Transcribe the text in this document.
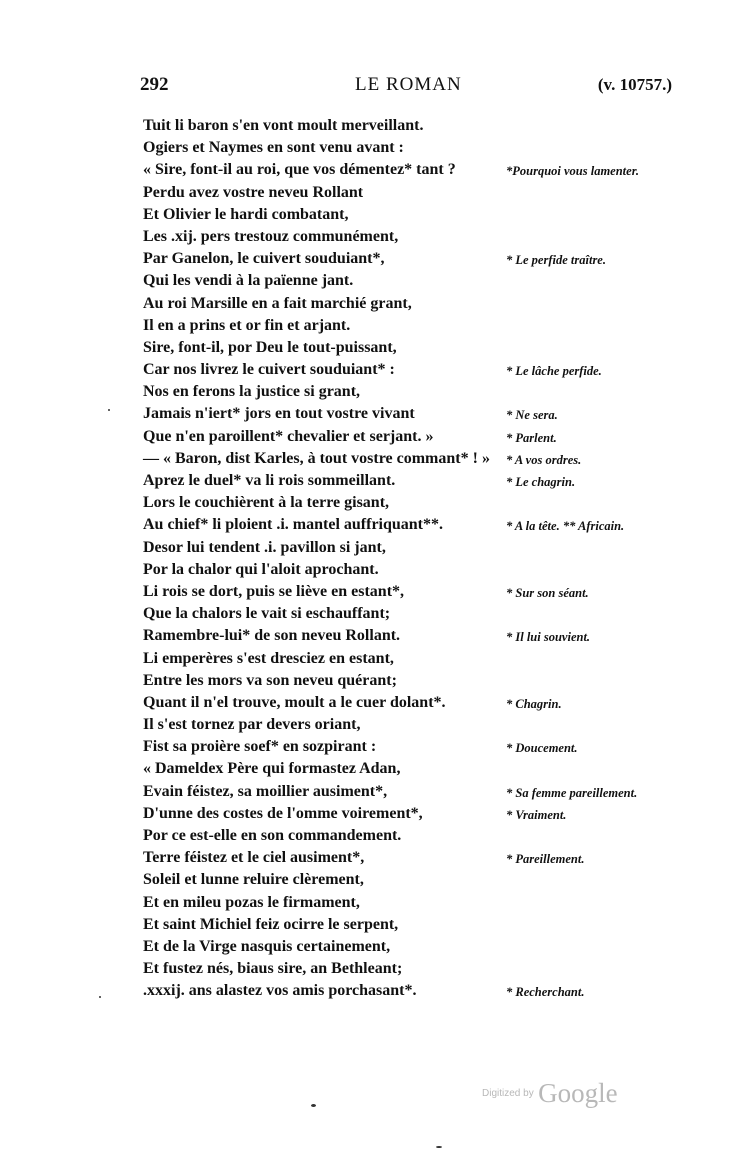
292	LE ROMAN	(v. 10757.)
Tuit li baron s'en vont moult merveillant.
Ogiers et Naymes en sont venu avant :
« Sire, font-il au roi, que vos démentez* tant ?	*Pourquoi vous lamenter.
Perdu avez vostre neveu Rollant
Et Olivier le hardi combatant,
Les .xij. pers trestouz communément,
Par Ganelon, le cuivert souduiant*,	* Le perfide traître.
Qui les vendi à la païenne jant.
Au roi Marsille en a fait marchié grant,
Il en a prins et or fin et arjant.
Sire, font-il, por Deu le tout-puissant,
Car nos livrez le cuivert souduiant* :	* Le lâche perfide.
Nos en ferons la justice si grant,
Jamais n'iert* jors en tout vostre vivant	* Ne sera.
Que n'en paroillent* chevalier et serjant. »	* Parlent.
— « Baron, dist Karles, à tout vostre commant* ! » * A vos ordres.
Aprez le duel* va li rois sommeillant.	* Le chagrin.
Lors le couchièrent à la terre gisant,
Au chief* li ploient .i. mantel auffriquant**.	* A la tête. ** Africain.
Desor lui tendent .i. pavillon si jant,
Por la chalor qui l'aloit aprochant.
Li rois se dort, puis se liève en estant*,	* Sur son séant.
Que la chalors le vait si eschauffant;
Ramembre-lui* de son neveu Rollant.	* Il lui souvient.
Li emperères s'est dresciez en estant,
Entre les mors va son neveu quérant;
Quant il n'el trouve, moult a le cuer dolant*.	* Chagrin.
Il s'est tornez par devers oriant,
Fist sa proière soef* en sozpirant :	* Doucement.
« Dameldex Père qui formastez Adan,
Evain féistez, sa moillier ausiment*,	* Sa femme pareillement.
D'unne des costes de l'omme voirement*,	* Vraiment.
Por ce est-elle en son commandement.
Terre féistez et le ciel ausiment*,	* Pareillement.
Soleil et lunne reluire clèrement,
Et en mileu pozas le firmament,
Et saint Michiel feiz ocirre le serpent,
Et de la Virge nasquis certainement,
Et fustez nés, biaus sire, an Bethleant;
.xxxij. ans alastez vos amis porchasant*.	* Recherchant.
Digitized by Google
